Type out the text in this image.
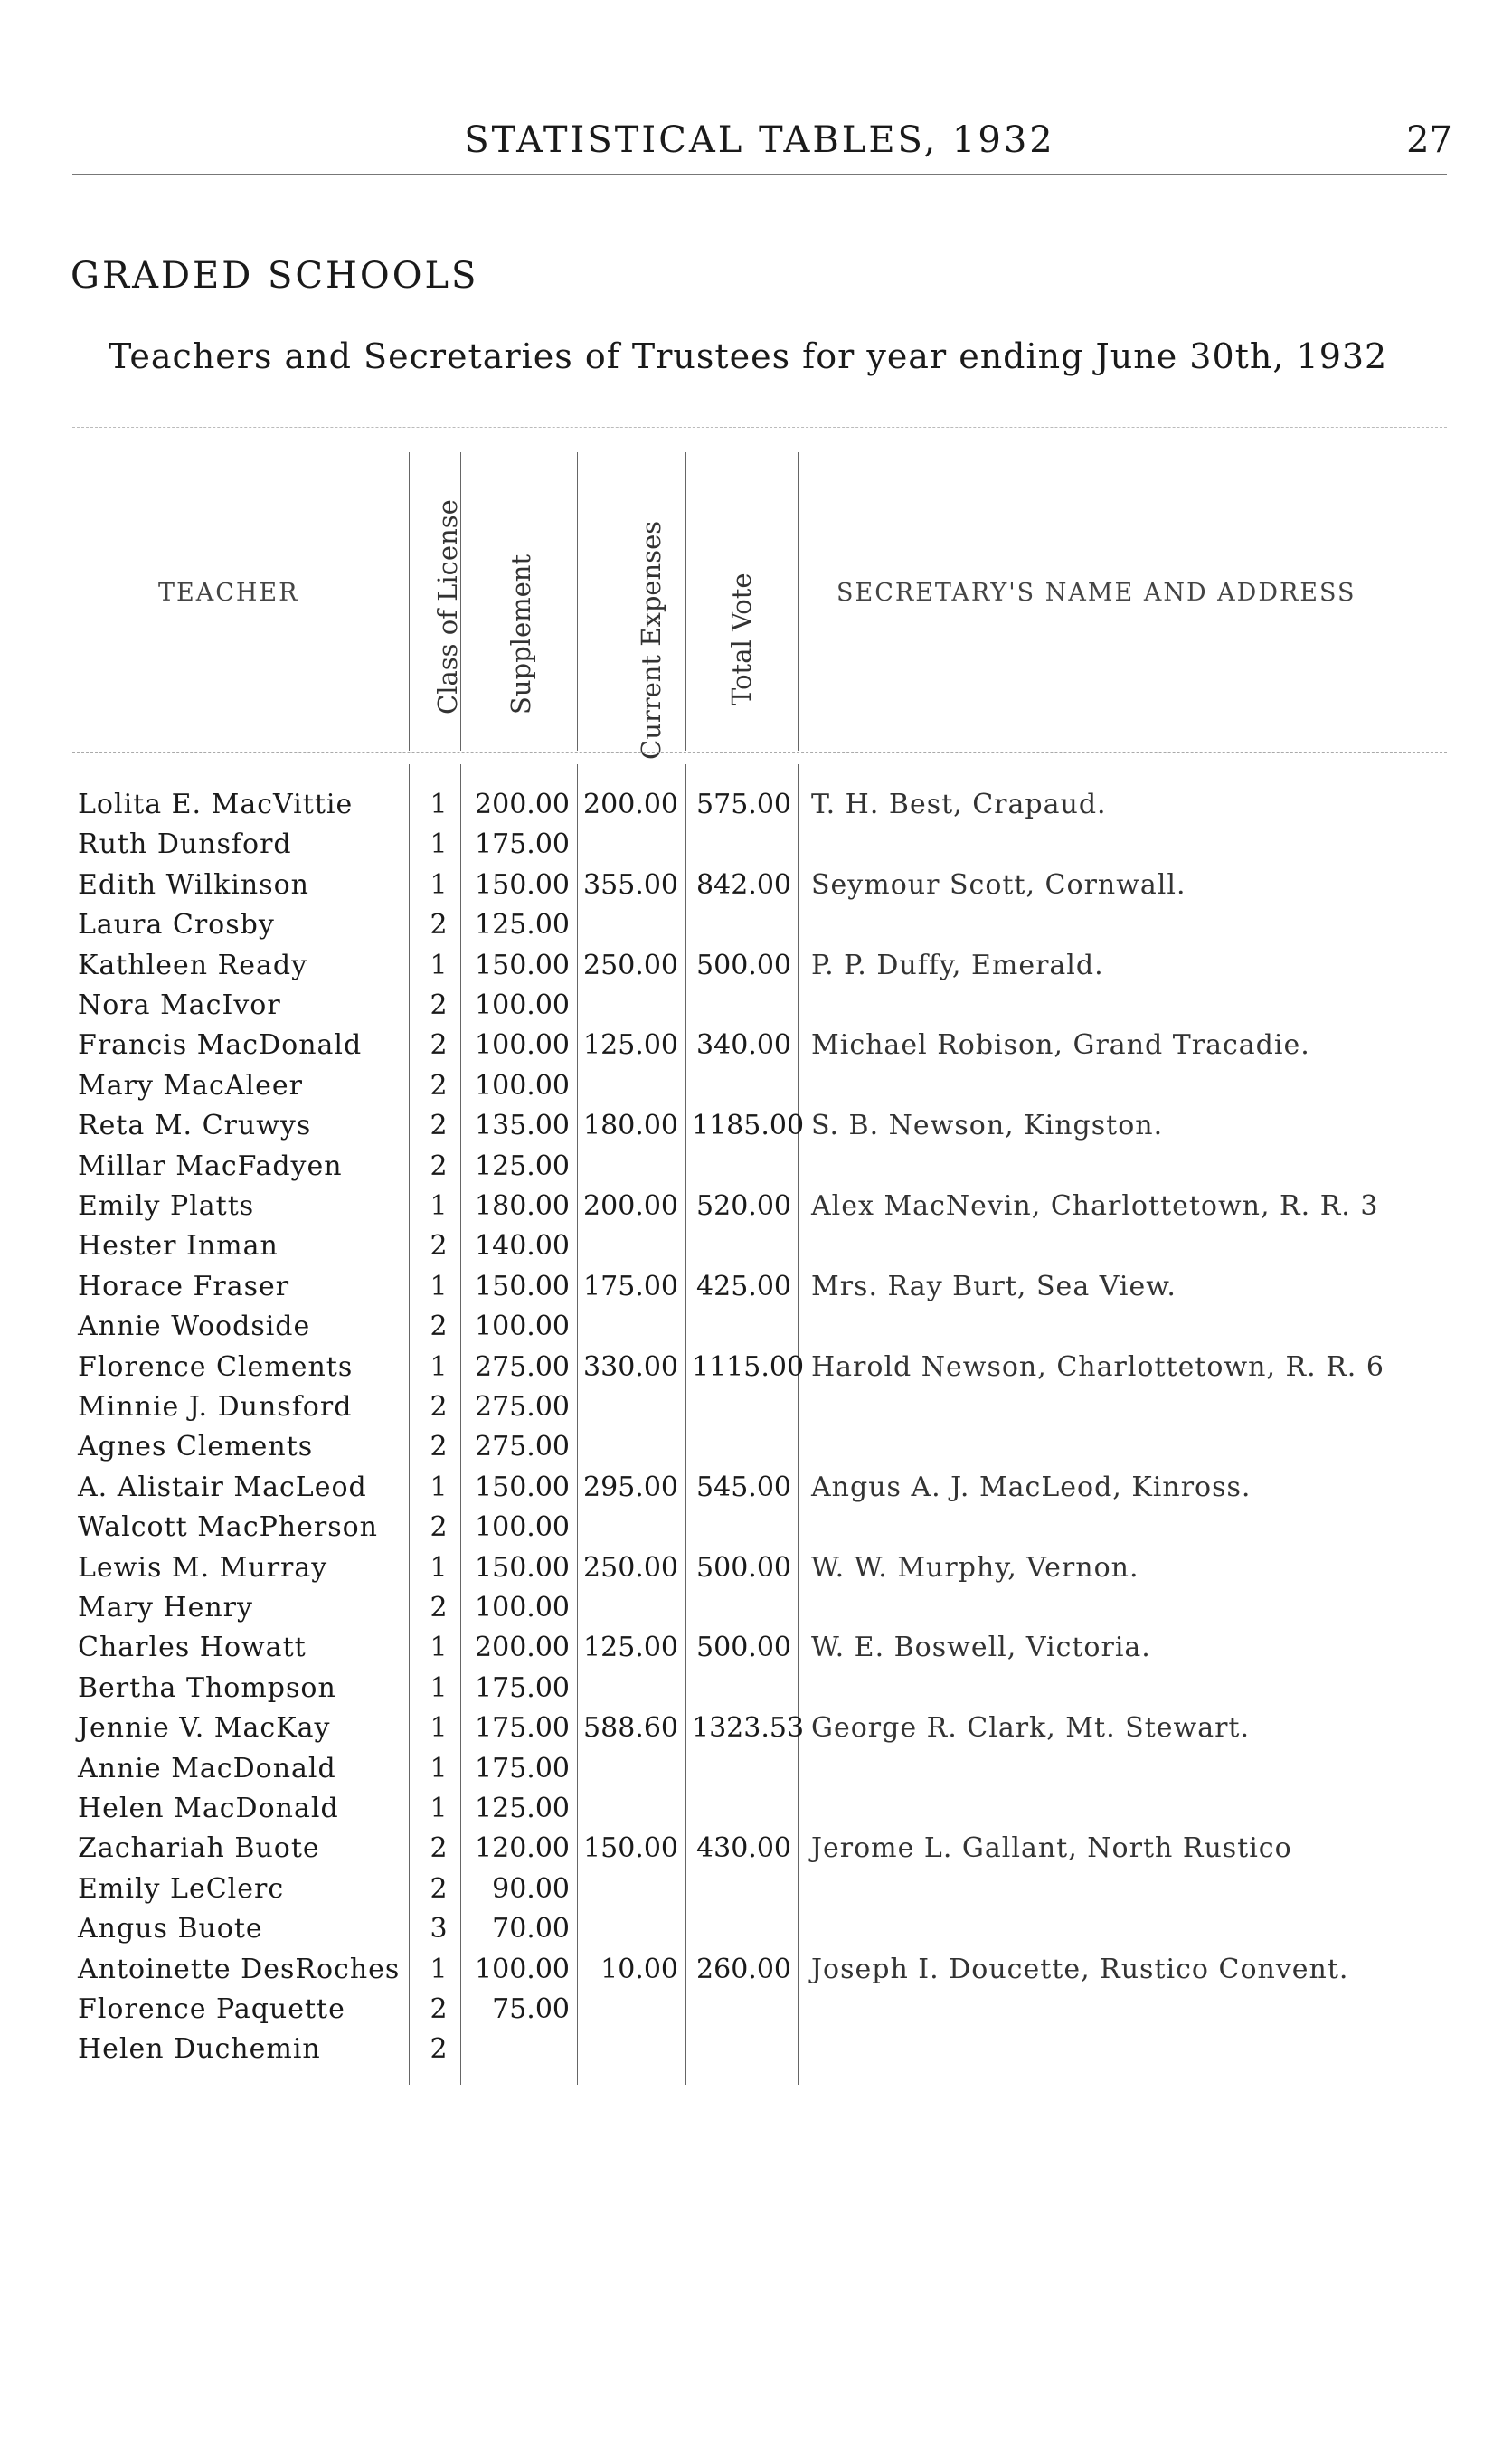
STATISTICAL TABLES, 1932	27
GRADED SCHOOLS
Teachers and Secretaries of Trustees for year ending June 30th, 1932
TEACHER	Class of License Supplement	Current Expenses Total Vote	SECRETARY'S NAME AND ADDRESS
Lolita E. MacVittie	1 200.00 200.00 575.00 T. H. Best, Crapaud.
Ruth Dunsford	1 175.00
Edith Wilkinson	1 150.00 355.00 842.00 Seymour Scott, Cornwall.
Laura Crosby	2 125.00
Kathleen Ready	1 150.00 250.00 500.00 P. P. Duffy, Emerald.
Nora MacIvor	2 100.00
Francis MacDonald	2 100.00 125.00 340.00 Michael Robison, Grand Tracadie.
Mary MacAleer	2 100.00
Reta M. Cruwys	2 135.00 180.00 1185.00 S. B. Newson, Kingston.
Millar MacFadyen	2 125.00
Emily Platts	1 180.00 200.00 520.00 Alex MacNevin, Charlottetown, R. R. 3
Hester Inman	2 140.00
Horace Fraser	1 150.00 175.00 425.00 Mrs. Ray Burt, Sea View.
Annie Woodside	2 100.00
Florence Clements	1 275.00 330.00 1115.00 Harold Newson, Charlottetown, R. R. 6
Minnie J. Dunsford	2 275.00
Agnes Clements	2 275.00
A. Alistair MacLeod 1 150.00 295.00 545.00 Angus A. J. MacLeod, Kinross.
Walcott MacPherson 2 100.00
Lewis M. Murray	1 150.00 250.00 500.00 W. W. Murphy, Vernon.
Mary Henry	2 100.00
Charles Howatt	1 200.00 125.00 500.00 W. E. Boswell, Victoria.
Bertha Thompson	1 175.00
Jennie V. MacKay	1 175.00 588.60 1323.53 George R. Clark, Mt. Stewart.
Annie MacDonald	1 175.00
Helen MacDonald	1 125.00
Zachariah Buote	2 120.00 150.00 430.00 Jerome L. Gallant, North Rustico
Emily LeClerc	2	90.00
Angus Buote	3	70.00
Antoinette DesRoches 1 100.00	10.00 260.00 Joseph I. Doucette, Rustico Convent.
Florence Paquette	2	75.00
Helen Duchemin	2
